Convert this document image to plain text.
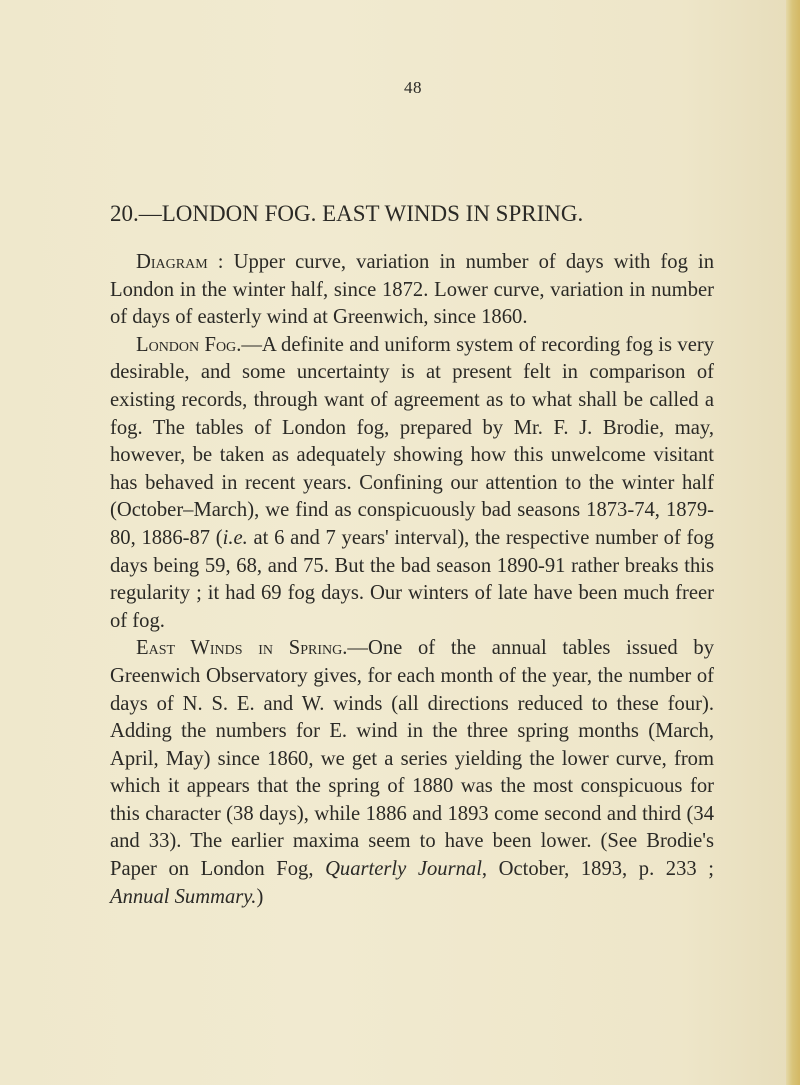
48
20.—LONDON FOG. EAST WINDS IN SPRING.

Diagram : Upper curve, variation in number of days with fog in London in the winter half, since 1872. Lower curve, variation in number of days of easterly wind at Greenwich, since 1860.

London Fog.—A definite and uniform system of recording fog is very desirable, and some uncertainty is at present felt in comparison of existing records, through want of agreement as to what shall be called a fog. The tables of London fog, prepared by Mr. F. J. Brodie, may, however, be taken as adequately showing how this unwelcome visitant has behaved in recent years. Confining our attention to the winter half (October–March), we find as conspicuously bad seasons 1873-74, 1879-80, 1886-87 (i.e. at 6 and 7 years' interval), the respective number of fog days being 59, 68, and 75. But the bad season 1890-91 rather breaks this regularity ; it had 69 fog days. Our winters of late have been much freer of fog.

East Winds in Spring.—One of the annual tables issued by Greenwich Observatory gives, for each month of the year, the number of days of N. S. E. and W. winds (all directions reduced to these four). Adding the numbers for E. wind in the three spring months (March, April, May) since 1860, we get a series yielding the lower curve, from which it appears that the spring of 1880 was the most conspicuous for this character (38 days), while 1886 and 1893 come second and third (34 and 33). The earlier maxima seem to have been lower. (See Brodie's Paper on London Fog, Quarterly Journal, October, 1893, p. 233 ; Annual Summary.)
